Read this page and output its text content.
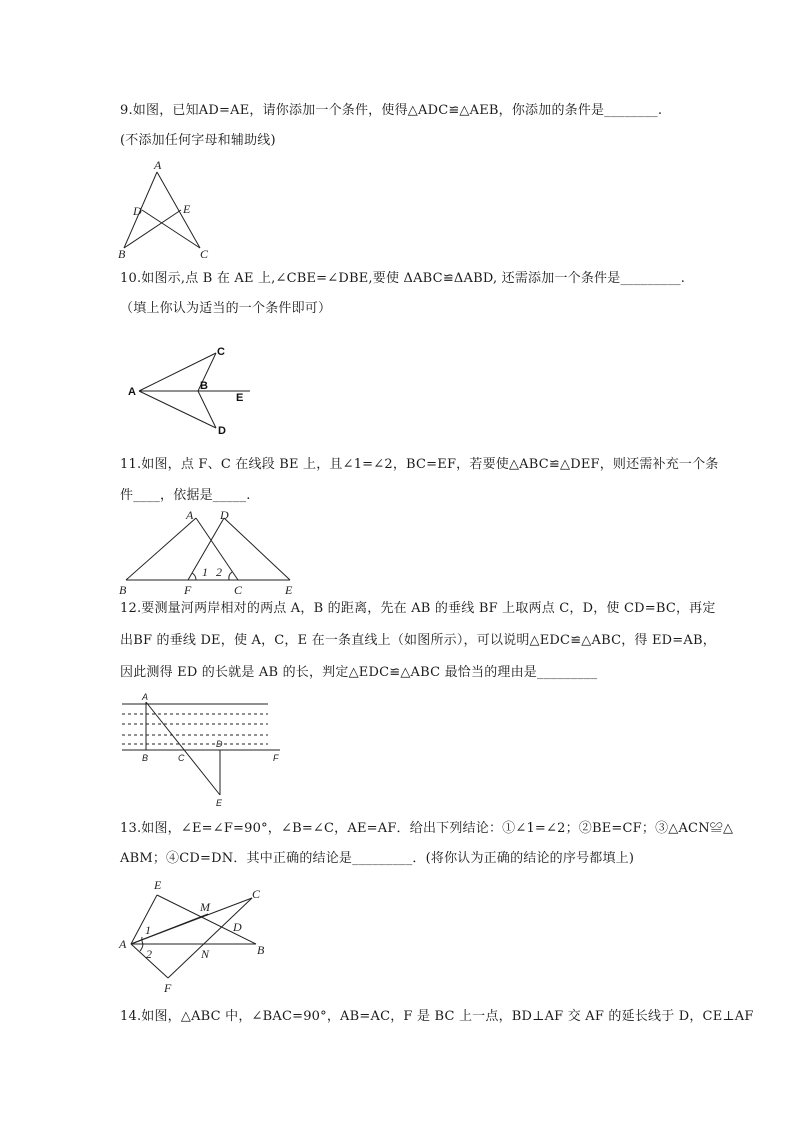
9.如图，已知AD=AE，请你添加一个条件，使得△ADC≌△AEB，你添加的条件是________.
(不添加任何字母和辅助线)
A
D	E
B	C
10.如图示,点 B 在 AE 上,∠CBE=∠DBE,要使 ΔABC≌ΔABD, 还需添加一个条件是_________.
（填上你认为适当的一个条件即可）
C
A	B
E
D
11.如图，点 F、C 在线段 BE 上，且∠1=∠2，BC=EF，若要使△ABC≌△DEF，则还需补充一个条
件____，依据是_____.
A D
1 2
B	F	C	E
12.要测量河两岸相对的两点 A，B 的距离，先在 AB 的垂线 BF 上取两点 C，D，使 CD=BC，再定
出BF 的垂线 DE，使 A，C，E 在一条直线上（如图所示），可以说明△EDC≌△ABC，得 ED=AB，
因此测得 ED 的长就是 AB 的长，判定△EDC≌△ABC 最恰当的理由是_________
A
D
F
B	C
E
13.如图，∠E=∠F=90°，∠B=∠C，AE=AF．给出下列结论：①∠1=∠2；②BE=CF；③△ACN≌△
ABM；④CD=DN．其中正确的结论是_________．(将你认为正确的结论的序号都填上)
E
C
M
D
1
A
2	N	B
F
14.如图，△ABC 中，∠BAC=90°，AB=AC，F 是 BC 上一点，BD⊥AF 交 AF 的延长线于 D，CE⊥AF
